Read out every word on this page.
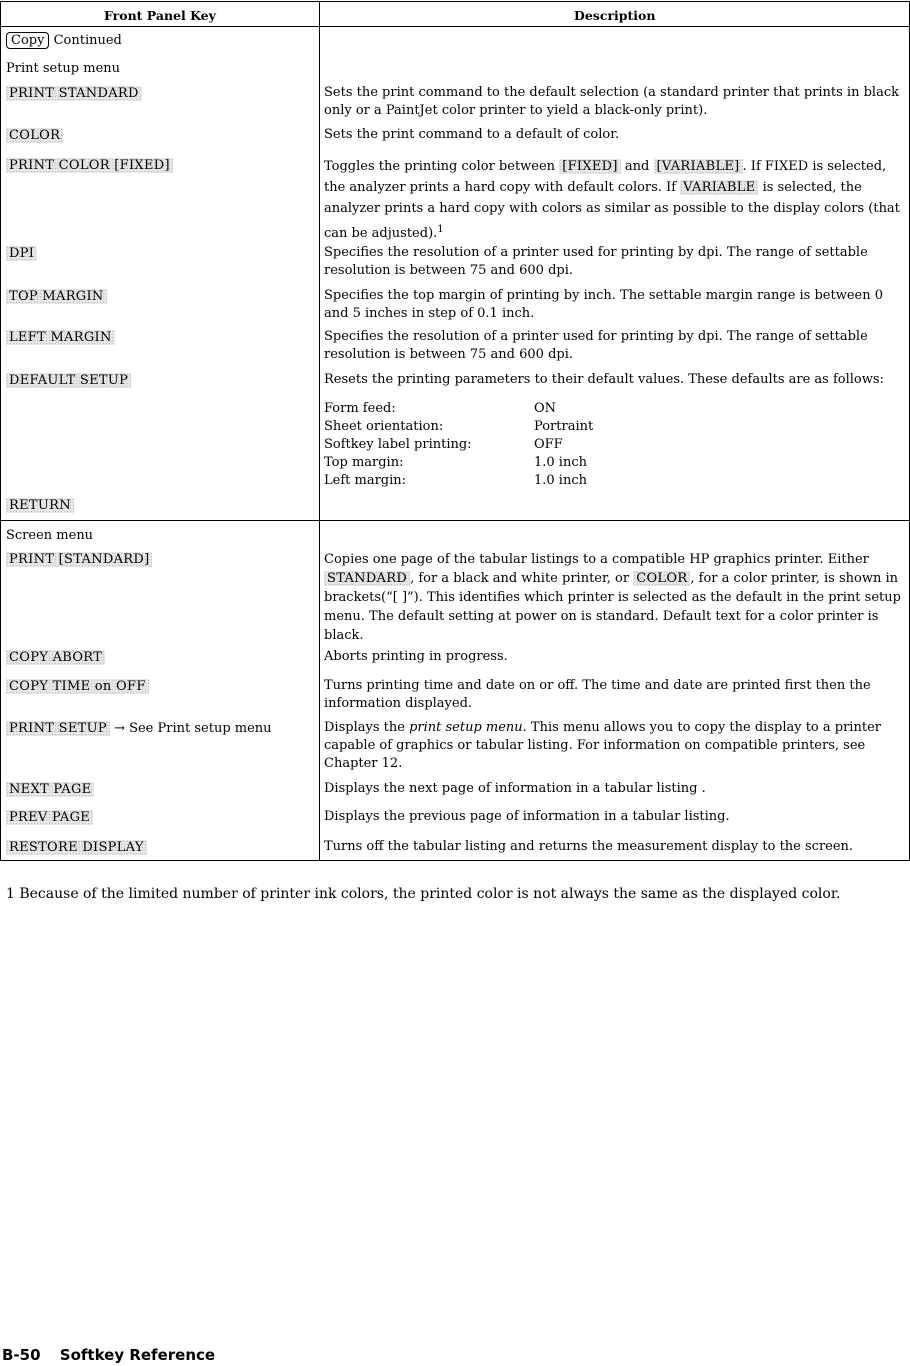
Front Panel Key	Description
Copy Continued
Print setup menu
PRINT STANDARD	Sets the print command to the default selection (a standard printer that prints in black only or a PaintJet color printer to yield a black-only print).
COLOR	Sets the print command to a default of color.
PRINT COLOR [FIXED]	Toggles the printing color between [FIXED] and [VARIABLE] . If FIXED is selected, the analyzer prints a hard copy with default colors. If VARIABLE is selected, the analyzer prints a hard copy with colors as similar as possible to the display colors (that can be adjusted).$^1$
DPI	Specifies the resolution of a printer used for printing by dpi. The range of settable resolution is between 75 and 600 dpi.
TOP MARGIN	Specifies the top margin of printing by inch. The settable margin range is between 0 and 5 inches in step of 0.1 inch.
LEFT MARGIN	Specifies the resolution of a printer used for printing by dpi. The range of settable resolution is between 75 and 600 dpi.
DEFAULT SETUP	Resets the printing parameters to their default values. These defaults are as follows:
Form feed:	ON
Sheet orientation:	Portraint
Softkey label printing:	OFF
Top margin:	1.0 inch
Left margin:	1.0 inch
RETURN
Screen menu
PRINT [STANDARD]	Copies one page of the tabular listings to a compatible HP graphics printer. Either STANDARD , for a black and white printer, or COLOR , for a color printer, is shown in brackets(“[ ]”). This identifies which printer is selected as the default in the print setup menu. The default setting at power on is standard. Default text for a color printer is black.
COPY ABORT	Aborts printing in progress.
COPY TIME on OFF	Turns printing time and date on or off. The time and date are printed first then the information displayed.
PRINT SETUP → See Print setup menu	Displays the print setup menu. This menu allows you to copy the display to a printer capable of graphics or tabular listing. For information on compatible printers, see Chapter 12.
NEXT PAGE	Displays the next page of information in a tabular listing .
PREV PAGE	Displays the previous page of information in a tabular listing.
RESTORE DISPLAY	Turns off the tabular listing and returns the measurement display to the screen.
1 Because of the limited number of printer ink colors, the printed color is not always the same as the displayed color.
B-50 Softkey Reference
